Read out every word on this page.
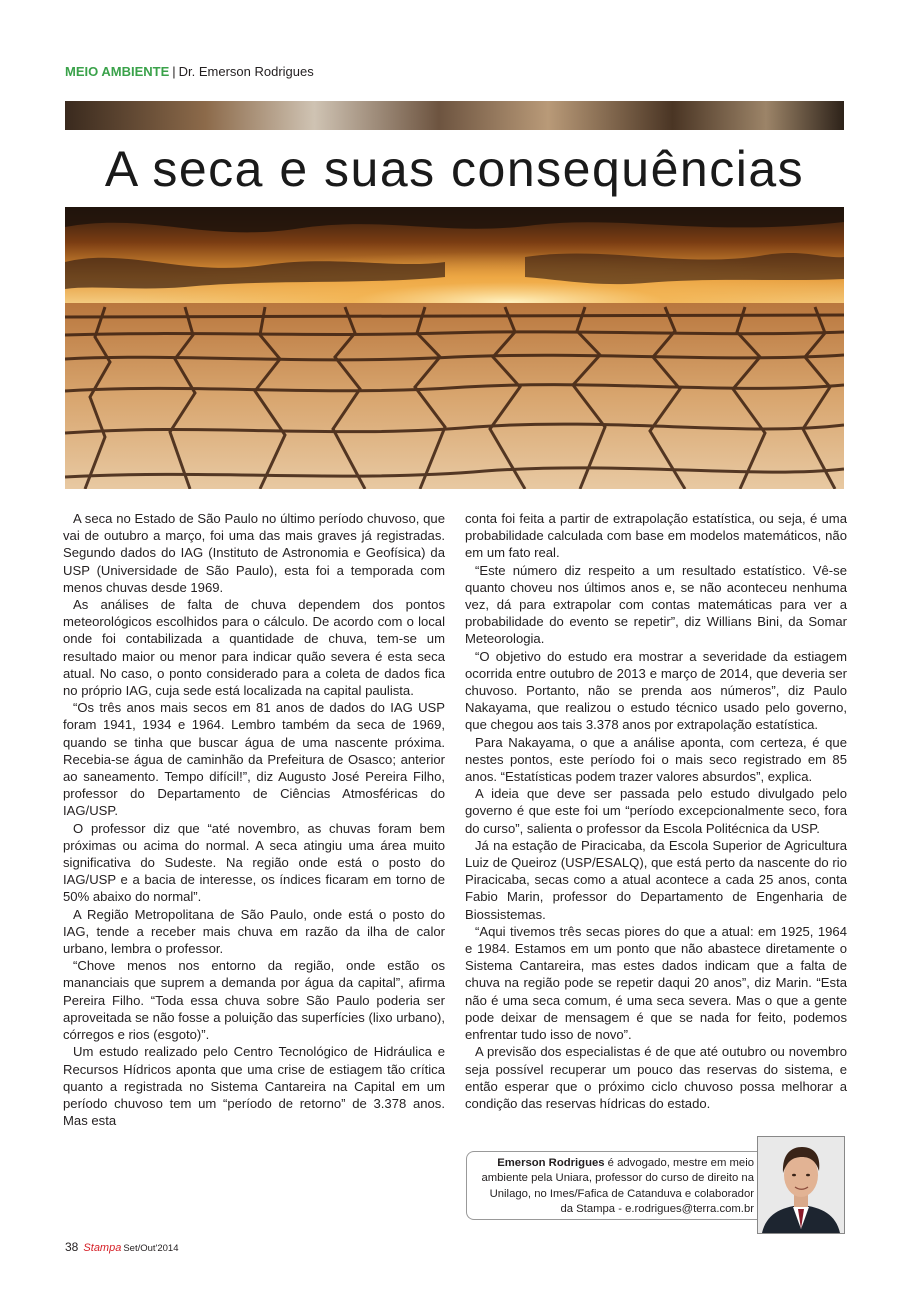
MEIO AMBIENTE | Dr. Emerson Rodrigues
A seca e suas consequências

A seca no Estado de São Paulo no último período chuvoso, que vai de outubro a março, foi uma das mais graves já registradas. Segundo dados do IAG (Instituto de Astronomia e Geofísica) da USP (Universidade de São Paulo), esta foi a temporada com menos chuvas desde 1969.

As análises de falta de chuva dependem dos pontos meteorológicos escolhidos para o cálculo. De acordo com o local onde foi contabilizada a quantidade de chuva, tem-se um resultado maior ou menor para indicar quão severa é esta seca atual. No caso, o ponto considerado para a coleta de dados fica no próprio IAG, cuja sede está localizada na capital paulista.

“Os três anos mais secos em 81 anos de dados do IAG USP foram 1941, 1934 e 1964. Lembro também da seca de 1969, quando se tinha que buscar água de uma nascente próxima. Recebia-se água de caminhão da Prefeitura de Osasco; anterior ao saneamento. Tempo difícil!”, diz Augusto José Pereira Filho, professor do Departamento de Ciências Atmosféricas do IAG/USP.

O professor diz que “até novembro, as chuvas foram bem próximas ou acima do normal. A seca atingiu uma área muito significativa do Sudeste. Na região onde está o posto do IAG/USP e a bacia de interesse, os índices ficaram em torno de 50% abaixo do normal”.

A Região Metropolitana de São Paulo, onde está o posto do IAG, tende a receber mais chuva em razão da ilha de calor urbano, lembra o professor.

“Chove menos nos entorno da região, onde estão os mananciais que suprem a demanda por água da capital”, afirma Pereira Filho. “Toda essa chuva sobre São Paulo poderia ser aproveitada se não fosse a poluição das superfícies (lixo urbano), córregos e rios (esgoto)”.

Um estudo realizado pelo Centro Tecnológico de Hidráulica e Recursos Hídricos aponta que uma crise de estiagem tão crítica quanto a registrada no Sistema Cantareira na Capital em um período chuvoso tem um “período de retorno” de 3.378 anos. Mas esta

conta foi feita a partir de extrapolação estatística, ou seja, é uma probabilidade calculada com base em modelos matemáticos, não em um fato real.

“Este número diz respeito a um resultado estatístico. Vê-se quanto choveu nos últimos anos e, se não aconteceu nenhuma vez, dá para extrapolar com contas matemáticas para ver a probabilidade do evento se repetir”, diz Willians Bini, da Somar Meteorologia.

“O objetivo do estudo era mostrar a severidade da estiagem ocorrida entre outubro de 2013 e março de 2014, que deveria ser chuvoso. Portanto, não se prenda aos números”, diz Paulo Nakayama, que realizou o estudo técnico usado pelo governo, que chegou aos tais 3.378 anos por extrapolação estatística.

Para Nakayama, o que a análise aponta, com certeza, é que nestes pontos, este período foi o mais seco registrado em 85 anos. “Estatísticas podem trazer valores absurdos”, explica.

A ideia que deve ser passada pelo estudo divulgado pelo governo é que este foi um “período excepcionalmente seco, fora do curso”, salienta o professor da Escola Politécnica da USP.

Já na estação de Piracicaba, da Escola Superior de Agricultura Luiz de Queiroz (USP/ESALQ), que está perto da nascente do rio Piracicaba, secas como a atual acontece a cada 25 anos, conta Fabio Marin, professor do Departamento de Engenharia de Biossistemas.

“Aqui tivemos três secas piores do que a atual: em 1925, 1964 e 1984. Estamos em um ponto que não abastece diretamente o Sistema Cantareira, mas estes dados indicam que a falta de chuva na região pode se repetir daqui 20 anos”, diz Marin. “Esta não é uma seca comum, é uma seca severa. Mas o que a gente pode deixar de mensagem é que se nada for feito, podemos enfrentar tudo isso de novo”.

A previsão dos especialistas é de que até outubro ou novembro seja possível recuperar um pouco das reservas do sistema, e então esperar que o próximo ciclo chuvoso possa melhorar a condição das reservas hídricas do estado.

Emerson Rodrigues é advogado, mestre em meio ambiente pela Uniara, professor do curso de direito na Unilago, no Imes/Fafica de Catanduva e colaborador da Stampa - e.rodrigues@terra.com.br
38 Stampa Set/Out'2014
